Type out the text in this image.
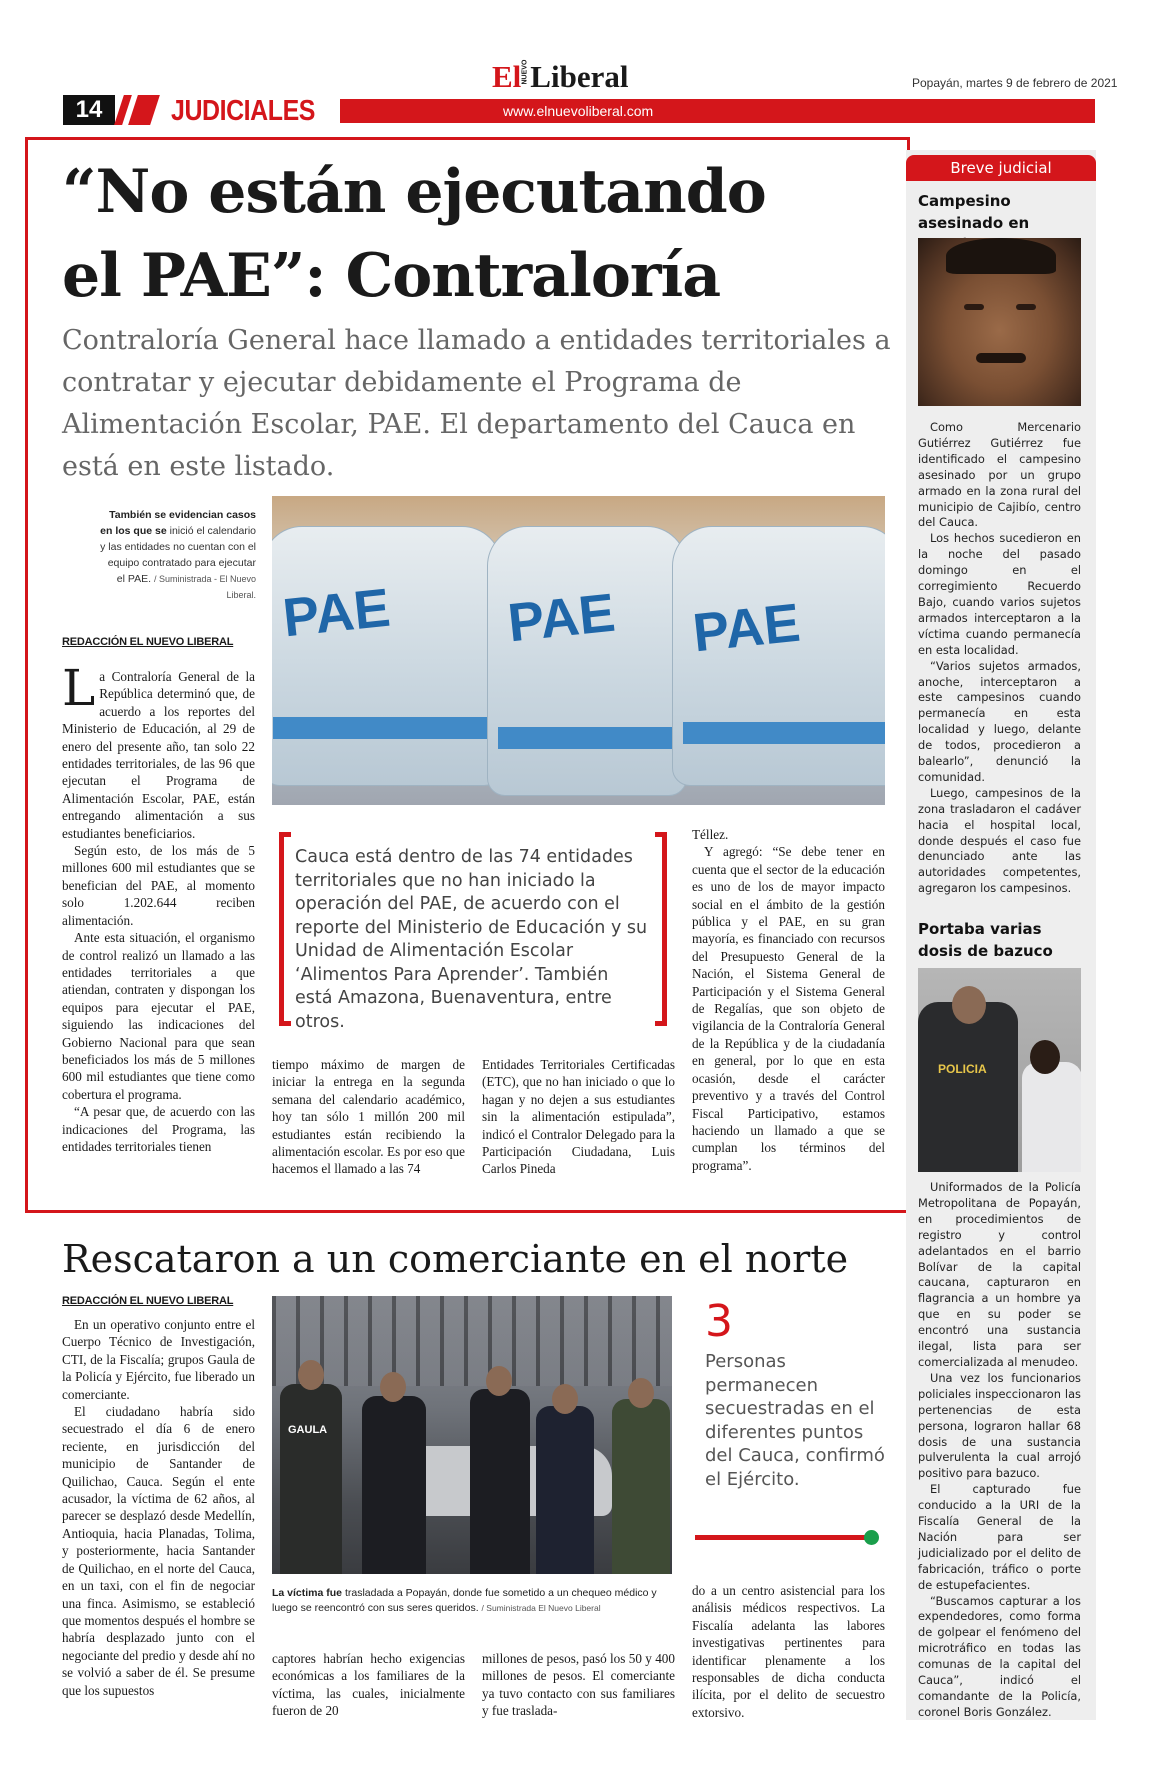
ElNUEVOLiberal	Popayán, martes 9 de febrero de 2021
14	JUDICIALES	www.elnuevoliberal.com
“No están ejecutando
el PAE”: Contraloría
Contraloría General hace llamado a entidades territoriales a contratar y ejecutar debidamente el Programa de Alimentación Escolar, PAE. El departamento del Cauca en está en este listado.
También se evidencian casos en los que se inició el calendario y las entidades no cuentan con el equipo contratado para ejecutar el PAE. / Suministrada - El Nuevo Liberal. PAE PAE PAE
REDACCIÓN EL NUEVO LIBERAL

La Contraloría General de la República determinó que, de acuerdo a los reportes del Ministerio de Educación, al 29 de enero del presente año, tan solo 22 entidades territoriales, de las 96 que ejecutan el Programa de Alimentación Escolar, PAE, están entregando alimentación a sus estudiantes beneficiarios.

Según esto, de los más de 5 millones 600 mil estudiantes que se benefician del PAE, al momento solo 1.202.644 reciben alimentación.

Ante esta situación, el organismo de control realizó un llamado a las entidades territoriales a que atiendan, contraten y dispongan los equipos para ejecutar el PAE, siguiendo las indicaciones del Gobierno Nacional para que sean beneficiados los más de 5 millones 600 mil estudiantes que tiene como cobertura el programa.

“A pesar que, de acuerdo con las indicaciones del Programa, las entidades territoriales tienen

Cauca está dentro de las 74 entidades territoriales que no han iniciado la operación del PAE, de acuerdo con el reporte del Ministerio de Educación y su Unidad de Alimentación Escolar ‘Alimentos Para Aprender’. También está Amazona, Buenaventura, entre otros.

tiempo máximo de margen de iniciar la entrega en la segunda semana del calendario académico, hoy tan sólo 1 millón 200 mil estudiantes están recibiendo la alimentación escolar. Es por eso que hacemos el llamado a las 74

Entidades Territoriales Certificadas (ETC), que no han iniciado o que lo hagan y no dejen a sus estudiantes sin la alimentación estipulada”, indicó el Contralor Delegado para la Participación Ciudadana, Luis Carlos Pineda

Téllez.

Y agregó: “Se debe tener en cuenta que el sector de la educación es uno de los de mayor impacto social en el ámbito de la gestión pública y el PAE, en su gran mayoría, es financiado con recursos del Presupuesto General de la Nación, el Sistema General de Participación y el Sistema General de Regalías, que son objeto de vigilancia de la Contraloría General de la República y de la ciudadanía en general, por lo que en esta ocasión, desde el carácter preventivo y a través del Control Fiscal Participativo, estamos haciendo un llamado a que se cumplan los términos del programa”.

Rescataron a un comerciante en el norte
REDACCIÓN EL NUEVO LIBERAL

En un operativo conjunto entre el Cuerpo Técnico de Investigación, CTI, de la Fiscalía; grupos Gaula de la Policía y Ejército, fue liberado un comerciante.

El ciudadano habría sido secuestrado el día 6 de enero reciente, en jurisdicción del municipio de Santander de Quilichao, Cauca. Según el ente acusador, la víctima de 62 años, al parecer se desplazó desde Medellín, Antioquia, hacia Planadas, Tolima, y posteriormente, hacia Santander de Quilichao, en el norte del Cauca, en un taxi, con el fin de negociar una finca. Asimismo, se estableció que momentos después el hombre se habría desplazado junto con el negociante del predio y desde ahí no se volvió a saber de él. Se presume que los supuestos

GAULA
La víctima fue trasladada a Popayán, donde fue sometido a un chequeo médico y luego se reencontró con sus seres queridos. / Suministrada El Nuevo Liberal
3
Personas permanecen secuestradas en el diferentes puntos del Cauca, confirmó el Ejército.

captores habrían hecho exigencias económicas a los familiares de la víctima, las cuales, inicialmente fueron de 20

millones de pesos, pasó los 50 y 400 millones de pesos. El comerciante ya tuvo contacto con sus familiares y fue traslada-

do a un centro asistencial para los análisis médicos respectivos. La Fiscalía adelanta las labores investigativas pertinentes para identificar plenamente a los responsables de dicha conducta ilícita, por el delito de secuestro extorsivo.

Breve judicial
Campesino asesinado en

Como Mercenario Gutiérrez Gutiérrez fue identificado el campesino asesinado por un grupo armado en la zona rural del municipio de Cajibío, centro del Cauca.

Los hechos sucedieron en la noche del pasado domingo en el corregimiento Recuerdo Bajo, cuando varios sujetos armados interceptaron a la víctima cuando permanecía en esta localidad.

“Varios sujetos armados, anoche, interceptaron a este campesinos cuando permanecía en esta localidad y luego, delante de todos, procedieron a balearlo”, denunció la comunidad.

Luego, campesinos de la zona trasladaron el cadáver hacia el hospital local, donde después el caso fue denunciado ante las autoridades competentes, agregaron los campesinos.

Portaba varias dosis de bazuco
POLICIA

Uniformados de la Policía Metropolitana de Popayán, en procedimientos de registro y control adelantados en el barrio Bolívar de la capital caucana, capturaron en flagrancia a un hombre ya que en su poder se encontró una sustancia ilegal, lista para ser comercializada al menudeo.

Una vez los funcionarios policiales inspeccionaron las pertenencias de esta persona, lograron hallar 68 dosis de una sustancia pulverulenta la cual arrojó positivo para bazuco.

El capturado fue conducido a la URI de la Fiscalía General de la Nación para ser judicializado por el delito de fabricación, tráfico o porte de estupefacientes.

“Buscamos capturar a los expendedores, como forma de golpear el fenómeno del microtráfico en todas las comunas de la capital del Cauca”, indicó el comandante de la Policía, coronel Boris González.
